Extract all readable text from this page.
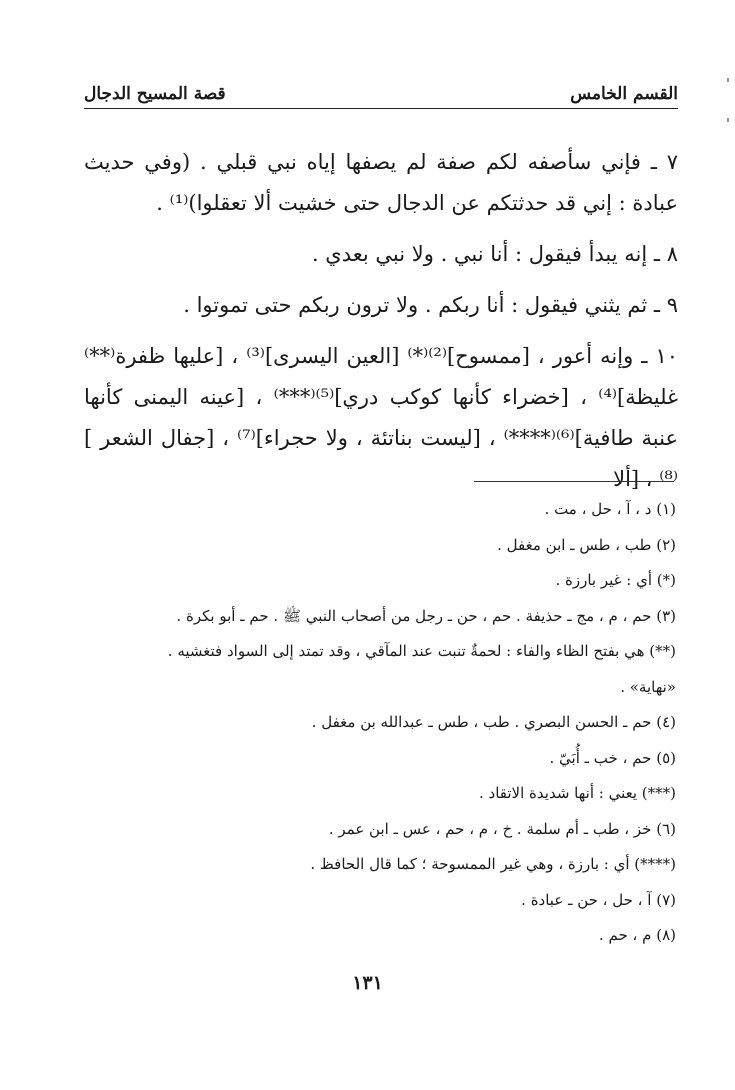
القسم الخامس
قصة المسيح الدجال

٧ ـ فإني سأصفه لكم صفة لم يصفها إياه نبي قبلي . (وفي حديث عبادة : إني قد حدثتكم عن الدجال حتى خشيت ألا تعقلوا)⁽¹⁾ .

٨ ـ إنه يبدأ فيقول : أنا نبي . ولا نبي بعدي .

٩ ـ ثم يثني فيقول : أنا ربكم . ولا ترون ربكم حتى تموتوا .

١٠ ـ وإنه أعور ، [ممسوح]⁽²⁾⁽*⁾ [العين اليسرى]⁽³⁾ ، [عليها ظفرة⁽**⁾ غليظة]⁽⁴⁾ ، [خضراء كأنها كوكب دري]⁽⁵⁾⁽***⁾ ، [عينه اليمنى كأنها عنبة طافية]⁽⁶⁾⁽****⁾ ، [ليست بناتئة ، ولا حجراء]⁽⁷⁾ ، [جفال الشعر ]⁽⁸⁾ ، [ألا

(١) د ، آ ، حل ، مت .
(٢) طب ، طس ـ ابن مغفل .
(*) أي : غير بارزة .
(٣) حم ، م ، مج ـ حذيفة . حم ، حن ـ رجل من أصحاب النبي ﷺ . حم ـ أبو بكرة .
(**) هي بفتح الظاء والفاء : لحمةٌ تنبت عند المآقي ، وقد تمتد إلى السواد فتغشيه .
«نهاية» .
(٤) حم ـ الحسن البصري . طب ، طس ـ عبدالله بن مغفل .
(٥) حم ، خب ـ أُبَيّ .
(***) يعني : أنها شديدة الاتقاد .
(٦) خز ، طب ـ أم سلمة . خ ، م ، حم ، عس ـ ابن عمر .
(****) أي : بارزة ، وهي غير الممسوحة ؛ كما قال الحافظ .
(٧) آ ، حل ، حن ـ عبادة .
(٨) م ، حم .
١٣١
